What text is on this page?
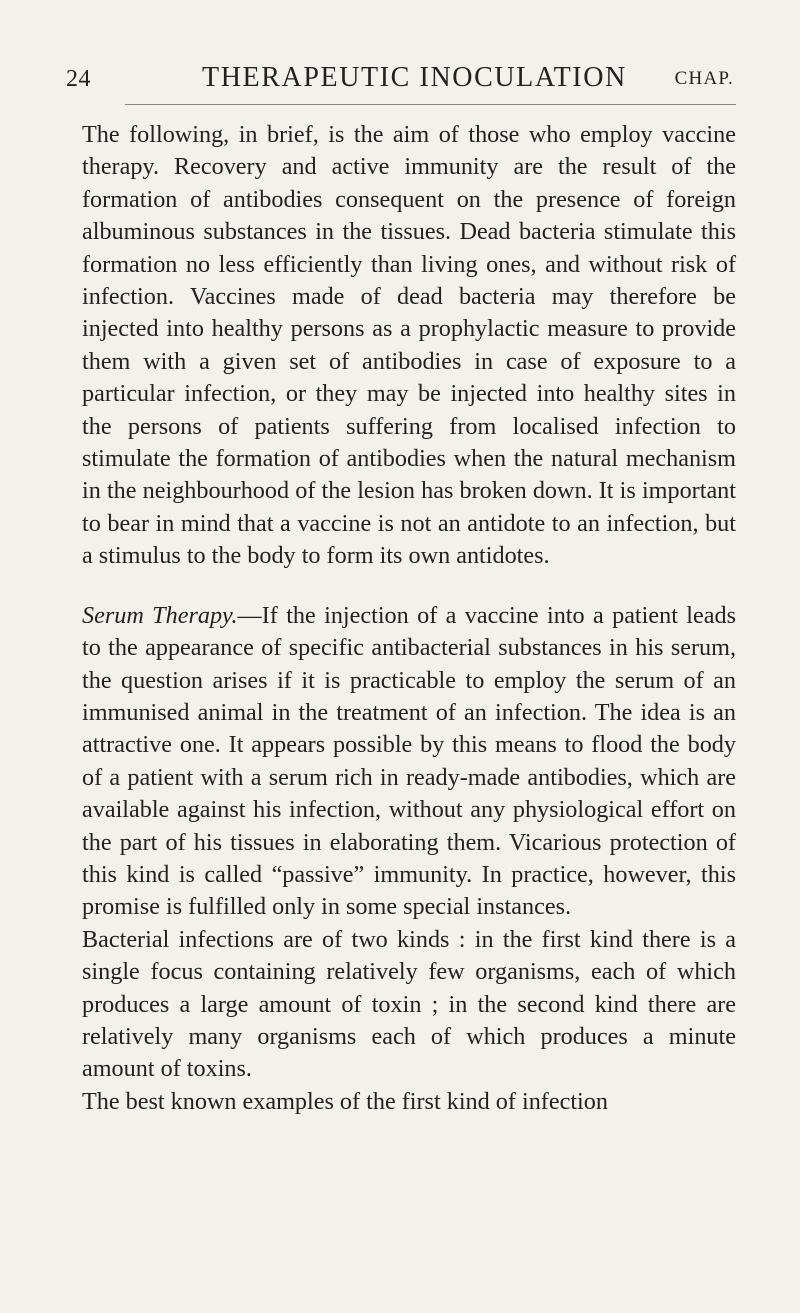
24	THERAPEUTIC INOCULATION	CHAP.

The following, in brief, is the aim of those who employ vaccine therapy. Recovery and active immunity are the result of the formation of antibodies consequent on the presence of foreign albuminous substances in the tissues. Dead bacteria stimulate this formation no less efficiently than living ones, and without risk of infection. Vaccines made of dead bacteria may therefore be injected into healthy persons as a prophylactic measure to provide them with a given set of antibodies in case of exposure to a particular infection, or they may be injected into healthy sites in the persons of patients suffering from localised infection to stimulate the formation of antibodies when the natural mechanism in the neighbourhood of the lesion has broken down. It is important to bear in mind that a vaccine is not an antidote to an infection, but a stimulus to the body to form its own antidotes.

Serum Therapy.—If the injection of a vaccine into a patient leads to the appearance of specific antibacterial substances in his serum, the question arises if it is practicable to employ the serum of an immunised animal in the treatment of an infection. The idea is an attractive one. It appears possible by this means to flood the body of a patient with a serum rich in ready-made antibodies, which are available against his infection, without any physiological effort on the part of his tissues in elaborating them. Vicarious protection of this kind is called “passive” immunity. In practice, however, this promise is fulfilled only in some special instances.

Bacterial infections are of two kinds : in the first kind there is a single focus containing relatively few organisms, each of which produces a large amount of toxin ; in the second kind there are relatively many organisms each of which produces a minute amount of toxins.

The best known examples of the first kind of infection
